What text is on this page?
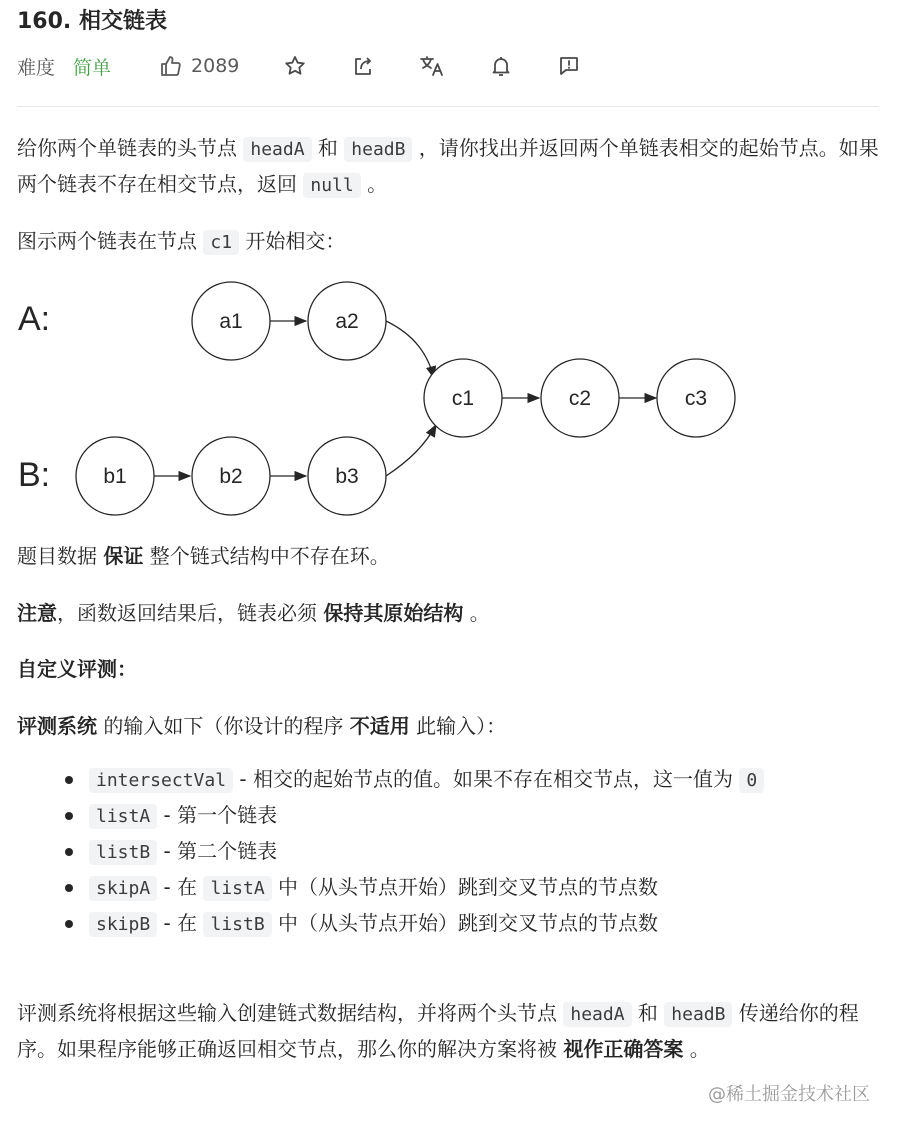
160. 相交链表
难度 简单	2089
给你两个单链表的头节点 headA 和 headB ，请你找出并返回两个单链表相交的起始节点。如果两个链表不存在相交节点，返回 null 。
图示两个链表在节点 c1 开始相交：
A:
B:
a1	a2
b1	b2	b3
c1	c2	c3
题目数据 保证 整个链式结构中不存在环。
注意，函数返回结果后，链表必须 保持其原始结构 。
自定义评测：
评测系统 的输入如下（你设计的程序 不适用 此输入）：
intersectVal - 相交的起始节点的值。如果不存在相交节点，这一值为 0
listA - 第一个链表
listB - 第二个链表
skipA - 在 listA 中（从头节点开始）跳到交叉节点的节点数
skipB - 在 listB 中（从头节点开始）跳到交叉节点的节点数
评测系统将根据这些输入创建链式数据结构，并将两个头节点 headA 和 headB 传递给你的程序。如果程序能够正确返回相交节点，那么你的解决方案将被 视作正确答案 。
@稀土掘金技术社区
